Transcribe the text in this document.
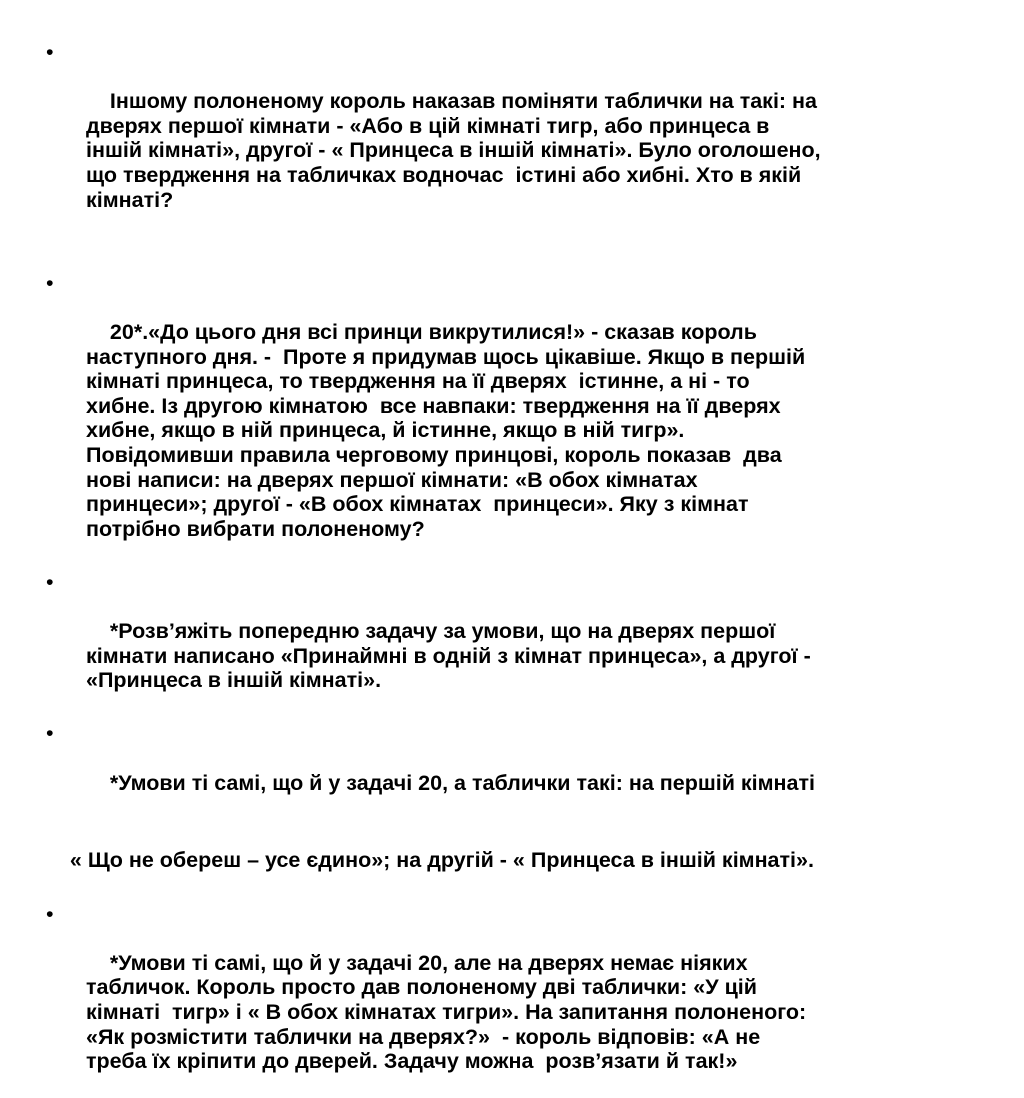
•

Іншому полоненому король наказав поміняти таблички на такі: на
дверях першої кімнати - «Або в цій кімнаті тигр, або принцеса в
іншій кімнаті», другої - « Принцеса в іншій кімнаті». Було оголошено,
що твердження на табличках водночас  істині або хибні. Хто в якій
кімнаті?

•

20*.«До цього дня всі принци викрутилися!» - сказав король
наступного дня. -  Проте я придумав щось цікавіше. Якщо в першій
кімнаті принцеса, то твердження на її дверях  істинне, а ні - то
хибне. Із другою кімнатою  все навпаки: твердження на її дверях
хибне, якщо в ній принцеса, й істинне, якщо в ній тигр».
Повідомивши правила черговому принцові, король показав  два
нові написи: на дверях першої кімнати: «В обох кімнатах
принцеси»; другої - «В обох кімнатах  принцеси». Яку з кімнат
потрібно вибрати полоненому?

•

*Розв’яжіть попередню задачу за умови, що на дверях першої
кімнати написано «Принаймні в одній з кімнат принцеса», а другої -
«Принцеса в іншій кімнаті».

•

*Умови ті самі, що й у задачі 20, а таблички такі: на першій кімнаті

« Що не обереш – усе єдино»; на другій - « Принцеса в іншій кімнаті».

•

*Умови ті самі, що й у задачі 20, але на дверях немає ніяких
табличок. Король просто дав полоненому дві таблички: «У цій
кімнаті  тигр» і « В обох кімнатах тигри». На запитання полоненого:
«Як розмістити таблички на дверях?»  - король відповів: «А не
треба їх кріпити до дверей. Задачу можна  розв’язати й так!»
